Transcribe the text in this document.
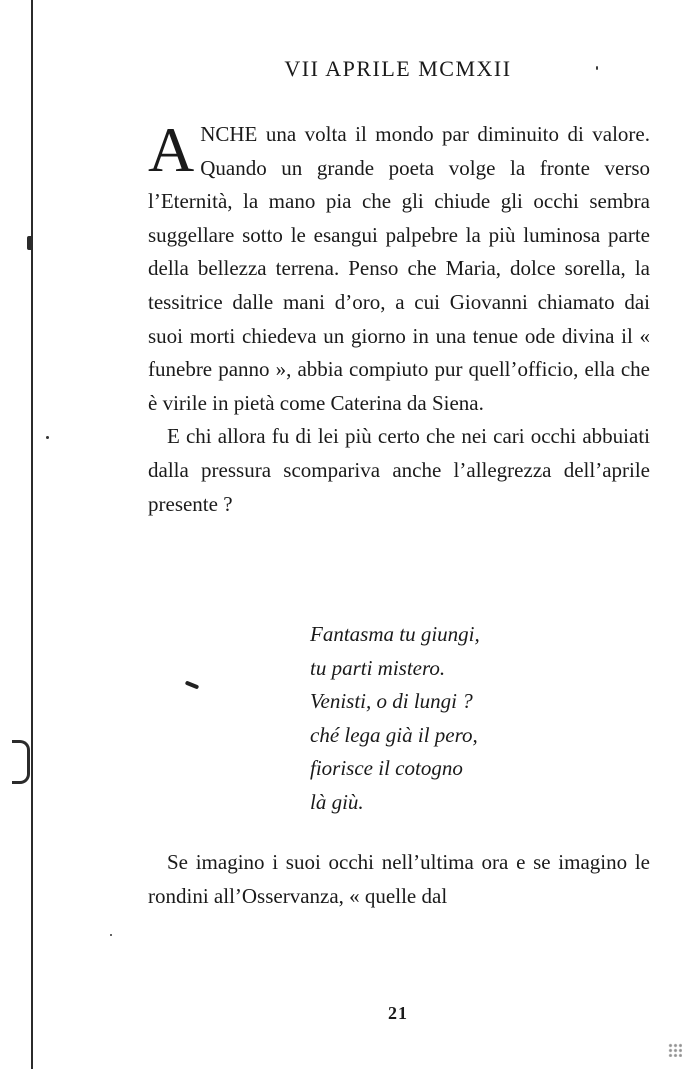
VII APRILE MCMXII

ANCHE una volta il mondo par diminuito di valore. Quando un grande poeta volge la fronte verso l’Eternità, la mano pia che gli chiude gli occhi sembra suggellare sotto le esangui palpebre la più luminosa parte della bellezza terrena. Penso che Maria, dolce sorella, la tessitrice dalle mani d’oro, a cui Giovanni chiamato dai suoi morti chiedeva un giorno in una tenue ode divina il « funebre panno », abbia compiuto pur quell’officio, ella che è virile in pietà come Caterina da Siena.

E chi allora fu di lei più certo che nei cari occhi abbuiati dalla pressura scompariva anche l’allegrezza dell’aprile presente ?

Fantasma tu giungi,
tu parti mistero.
Venisti, o di lungi ?
ché lega già il pero,
fiorisce il cotogno
là giù.

Se imagino i suoi occhi nell’ultima ora e se imagino le rondini all’Osservanza, « quelle dal

21
